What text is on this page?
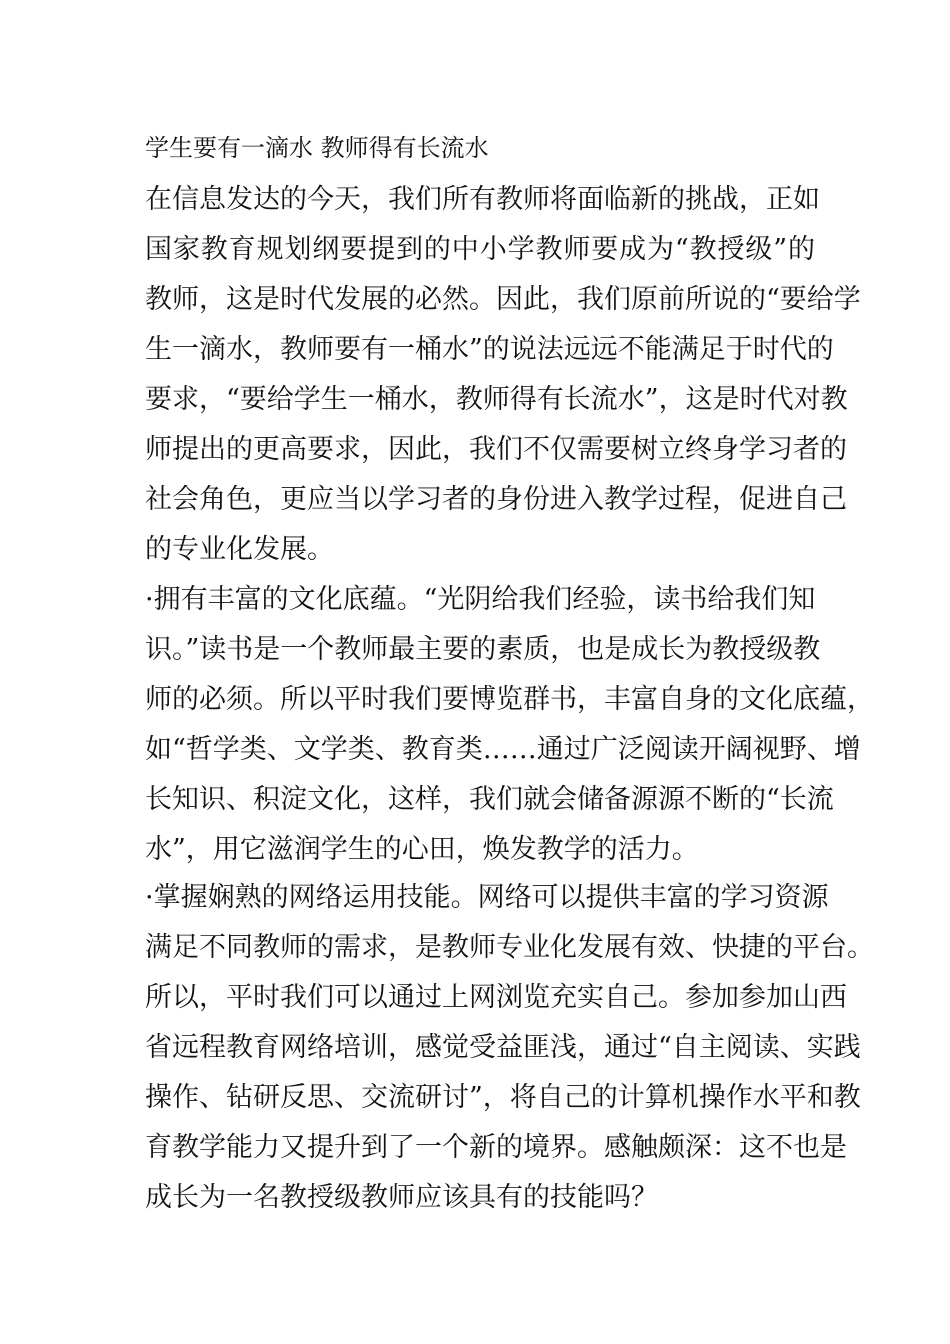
学生要有一滴水 教师得有长流水
在信息发达的今天，我们所有教师将面临新的挑战，正如
国家教育规划纲要提到的中小学教师要成为“教授级”的
教师，这是时代发展的必然。因此，我们原前所说的“要给学
生一滴水，教师要有一桶水”的说法远远不能满足于时代的
要求，“要给学生一桶水，教师得有长流水”，这是时代对教
师提出的更高要求，因此，我们不仅需要树立终身学习者的
社会角色，更应当以学习者的身份进入教学过程，促进自己
的专业化发展。
·拥有丰富的文化底蕴。“光阴给我们经验，读书给我们知
识。”读书是一个教师最主要的素质，也是成长为教授级教
师的必须。所以平时我们要博览群书，丰富自身的文化底蕴，
如“哲学类、文学类、教育类……通过广泛阅读开阔视野、增
长知识、积淀文化，这样，我们就会储备源源不断的“长流
水”，用它滋润学生的心田，焕发教学的活力。
·掌握娴熟的网络运用技能。网络可以提供丰富的学习资源
满足不同教师的需求，是教师专业化发展有效、快捷的平台。
所以，平时我们可以通过上网浏览充实自己。参加参加山西
省远程教育网络培训，感觉受益匪浅，通过“自主阅读、实践
操作、钻研反思、交流研讨”，将自己的计算机操作水平和教
育教学能力又提升到了一个新的境界。感触颇深：这不也是
成长为一名教授级教师应该具有的技能吗？
